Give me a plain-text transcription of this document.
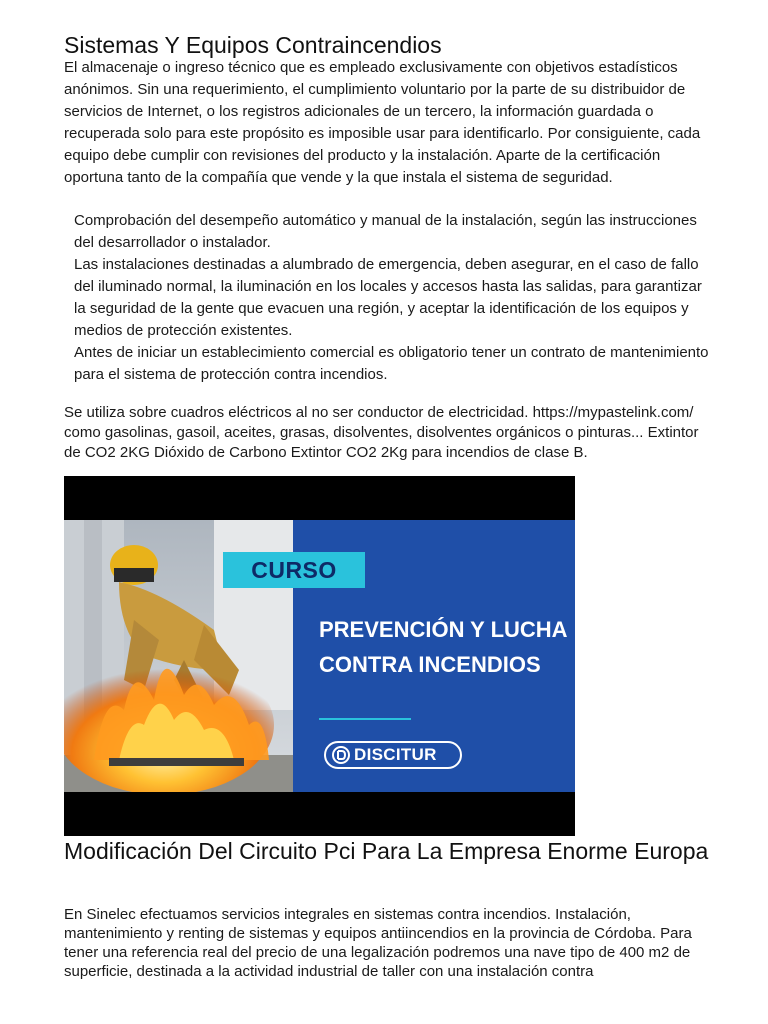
Sistemas Y Equipos Contraincendios

El almacenaje o ingreso técnico que es empleado exclusivamente con objetivos estadísticos anónimos. Sin una requerimiento, el cumplimiento voluntario por la parte de su distribuidor de servicios de Internet, o los registros adicionales de un tercero, la información guardada o recuperada solo para este propósito es imposible usar para identificarlo. Por consiguiente, cada equipo debe cumplir con revisiones del producto y la instalación. Aparte de la certificación oportuna tanto de la compañía que vende y la que instala el sistema de seguridad.

Comprobación del desempeño automático y manual de la instalación, según las instrucciones del desarrollador o instalador.

Las instalaciones destinadas a alumbrado de emergencia, deben asegurar, en el caso de fallo del iluminado normal, la iluminación en los locales y accesos hasta las salidas, para garantizar la seguridad de la gente que evacuen una región, y aceptar la identificación de los equipos y medios de protección existentes.

Antes de iniciar un establecimiento comercial es obligatorio tener un contrato de mantenimiento para el sistema de protección contra incendios.

Se utiliza sobre cuadros eléctricos al no ser conductor de electricidad. https://mypastelink.com/ como gasolinas, gasoil, aceites, grasas, disolventes, disolventes orgánicos o pinturas... Extintor de CO2 2KG Dióxido de Carbono Extintor CO2 2Kg para incendios de clase B.

CURSO
PREVENCIÓN Y LUCHA CONTRA INCENDIOS
DISCITUR
Modificación Del Circuito Pci Para La Empresa Enorme Europa

En Sinelec efectuamos servicios integrales en sistemas contra incendios. Instalación, mantenimiento y renting de sistemas y equipos antiincendios en la provincia de Córdoba. Para tener una referencia real del precio de una legalización podremos una nave tipo de 400 m2 de superficie, destinada a la actividad industrial de taller con una instalación contra
